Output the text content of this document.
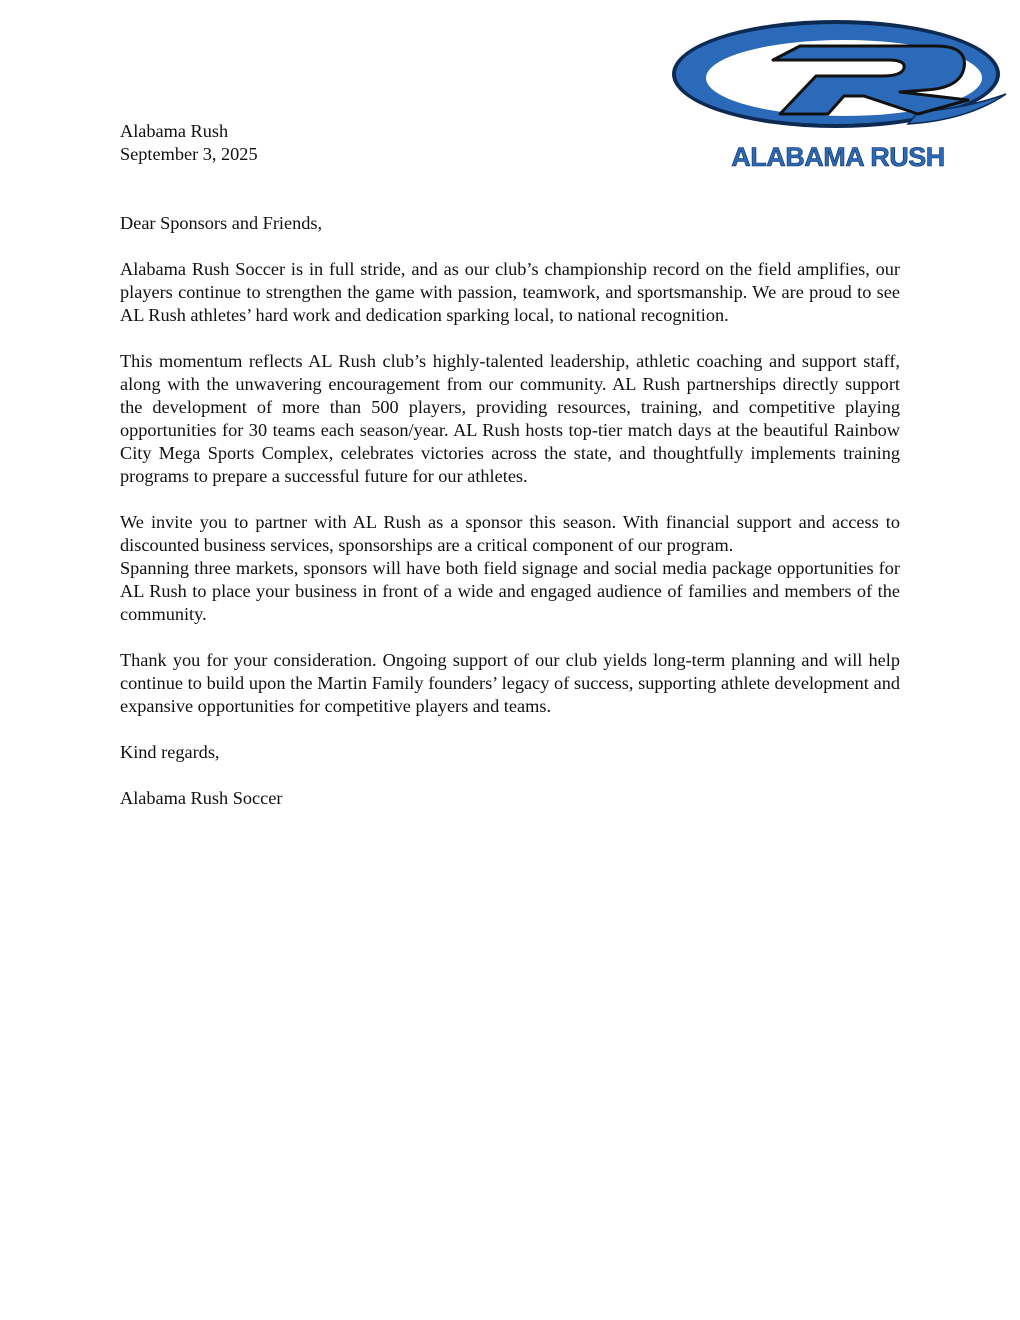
ALABAMA RUSH

Alabama Rush

September 3, 2025

Dear Sponsors and Friends,

Alabama Rush Soccer is in full stride, and as our club’s championship record on the field amplifies, our players continue to strengthen the game with passion, teamwork, and sportsmanship. We are proud to see AL Rush athletes’ hard work and dedication sparking local, to national recognition.

This momentum reflects AL Rush club’s highly-talented leadership, athletic coaching and support staff, along with the unwavering encouragement from our community. AL Rush partnerships directly support the development of more than 500 players, providing resources, training, and competitive playing opportunities for 30 teams each season/year. AL Rush hosts top-tier match days at the beautiful Rainbow City Mega Sports Complex, celebrates victories across the state, and thoughtfully implements training programs to prepare a successful future for our athletes.

We invite you to partner with AL Rush as a sponsor this season. With financial support and access to discounted business services, sponsorships are a critical component of our program.

Spanning three markets, sponsors will have both field signage and social media package opportunities for AL Rush to place your business in front of a wide and engaged audience of families and members of the community.

Thank you for your consideration. Ongoing support of our club yields long-term planning and will help continue to build upon the Martin Family founders’ legacy of success, supporting athlete development and expansive opportunities for competitive players and teams.

Kind regards,

Alabama Rush Soccer
